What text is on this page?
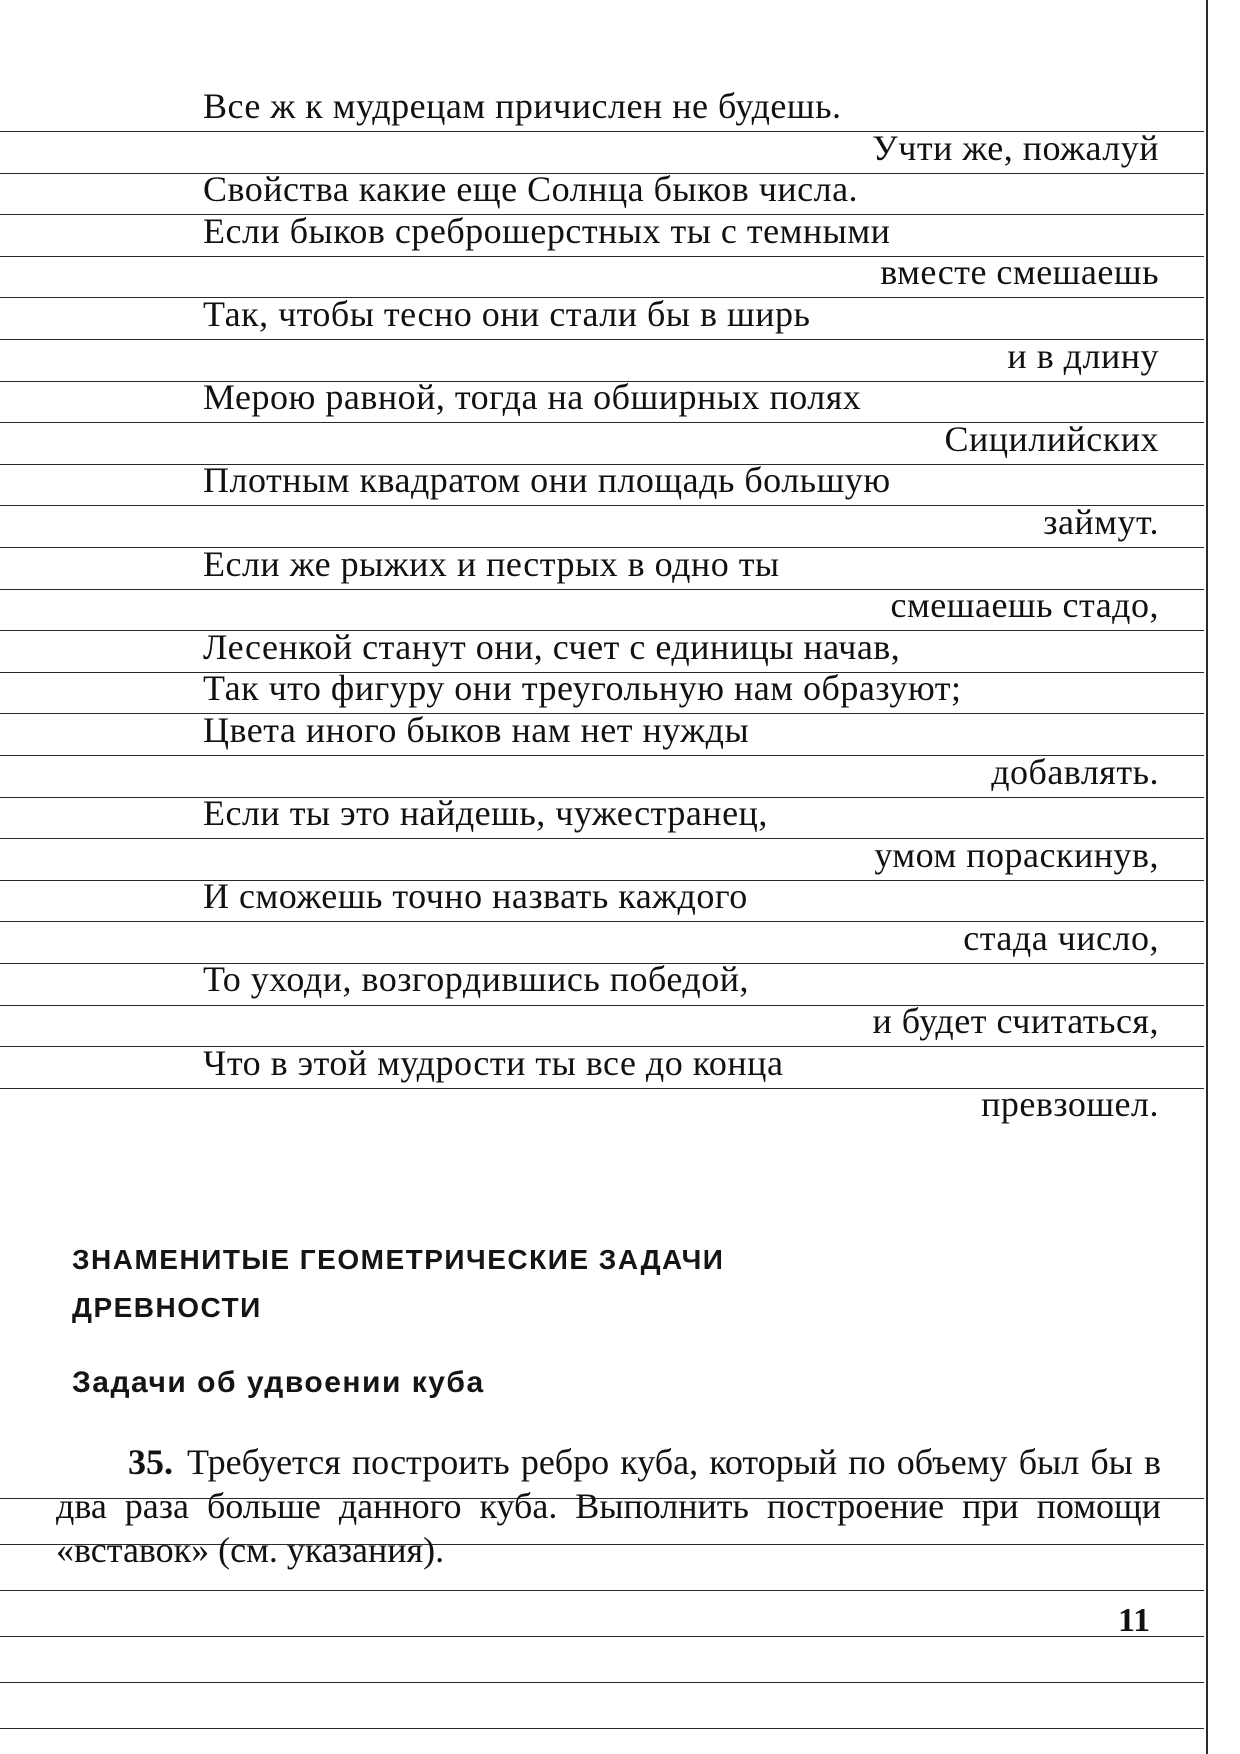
Все ж к мудрецам причислен не будешь.
Учти же, пожалуй
Свойства какие еще Солнца быков числа.
Если быков среброшерстных ты с темными
вместе смешаешь
Так, чтобы тесно они стали бы в ширь
и в длину
Мерою равной, тогда на обширных полях
Сицилийских
Плотным квадратом они площадь большую
займут.
Если же рыжих и пестрых в одно ты
смешаешь стадо,
Лесенкой станут они, счет с единицы начав,
Так что фигуру они треугольную нам образуют;
Цвета иного быков нам нет нужды
добавлять.
Если ты это найдешь, чужестранец,
умом пораскинув,
И сможешь точно назвать каждого
стада число,
То уходи, возгордившись победой,
и будет считаться,
Что в этой мудрости ты все до конца
превзошел.
ЗНАМЕНИТЫЕ ГЕОМЕТРИЧЕСКИЕ ЗАДАЧИ
ДРЕВНОСТИ
Задачи об удвоении куба
35. Требуется построить ребро куба, который по объему был бы в два раза больше данного куба. Выполнить построение при помощи «вставок» (см. указания).
11
